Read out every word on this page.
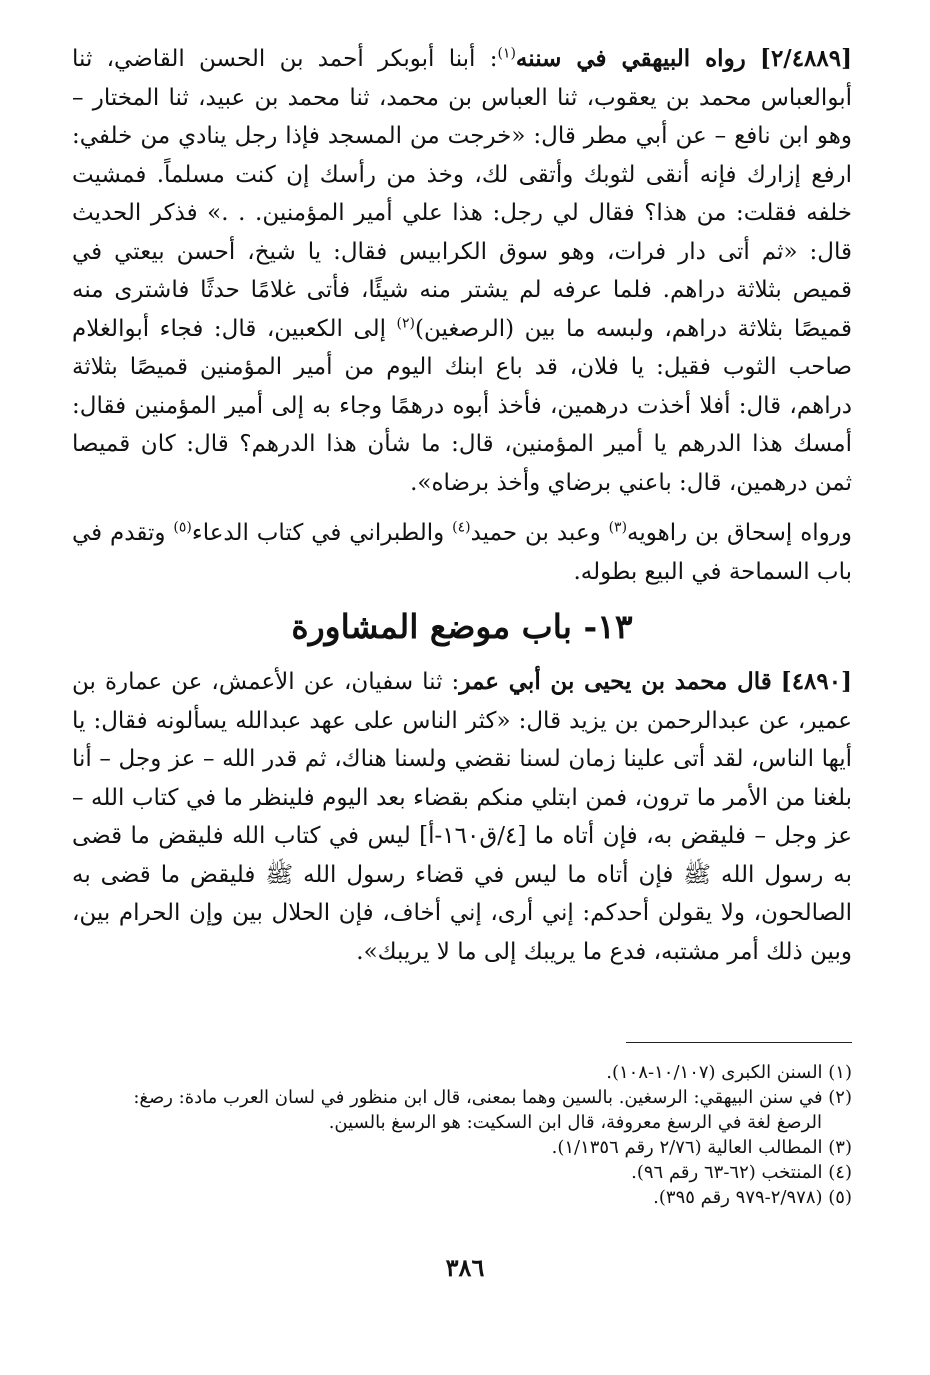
[٢/٤٨٨٩] رواه البيهقي في سننه$^{(١)}$: أبنا أبوبكر أحمد بن الحسن القاضي، ثنا أبوالعباس محمد بن يعقوب، ثنا العباس بن محمد، ثنا محمد بن عبيد، ثنا المختار – وهو ابن نافع – عن أبي مطر قال: «خرجت من المسجد فإذا رجل ينادي من خلفي: ارفع إزارك فإنه أنقى لثوبك وأتقى لك، وخذ من رأسك إن كنت مسلماً. فمشيت خلفه فقلت: من هذا؟ فقال لي رجل: هذا علي أمير المؤمنين. . .» فذكر الحديث قال: «ثم أتى دار فرات، وهو سوق الكرابيس فقال: يا شيخ، أحسن بيعتي في قميص بثلاثة دراهم. فلما عرفه لم يشتر منه شيئًا، فأتى غلامًا حدثًا فاشترى منه قميصًا بثلاثة دراهم، ولبسه ما بين (الرصغين)$^{(٢)}$ إلى الكعبين، قال: فجاء أبوالغلام صاحب الثوب فقيل: يا فلان، قد باع ابنك اليوم من أمير المؤمنين قميصًا بثلاثة دراهم، قال: أفلا أخذت درهمين، فأخذ أبوه درهمًا وجاء به إلى أمير المؤمنين فقال: أمسك هذا الدرهم يا أمير المؤمنين، قال: ما شأن هذا الدرهم؟ قال: كان قميصا ثمن درهمين، قال: باعني برضاي وأخذ برضاه».

ورواه إسحاق بن راهويه$^{(٣)}$ وعبد بن حميد$^{(٤)}$ والطبراني في كتاب الدعاء$^{(٥)}$ وتقدم في باب السماحة في البيع بطوله.

١٣- باب موضع المشاورة

[٤٨٩٠] قال محمد بن يحيى بن أبي عمر: ثنا سفيان، عن الأعمش، عن عمارة بن عمير، عن عبدالرحمن بن يزيد قال: «كثر الناس على عهد عبدالله يسألونه فقال: يا أيها الناس، لقد أتى علينا زمان لسنا نقضي ولسنا هناك، ثم قدر الله – عز وجل – أنا بلغنا من الأمر ما ترون، فمن ابتلي منكم بقضاء بعد اليوم فلينظر ما في كتاب الله – عز وجل – فليقض به، فإن أتاه ما [٤/ق١٦٠-أ] ليس في كتاب الله فليقض ما قضى به رسول الله ﷺ فإن أتاه ما ليس في قضاء رسول الله ﷺ فليقض ما قضى به الصالحون، ولا يقولن أحدكم: إني أرى، إني أخاف، فإن الحلال بين وإن الحرام بين، وبين ذلك أمر مشتبه، فدع ما يريبك إلى ما لا يريبك».

(١) السنن الكبرى (١٠/١٠٧-١٠٨).

(٢) في سنن البيهقي: الرسغين. بالسين وهما بمعنى، قال ابن منظور في لسان العرب مادة: رصغ:

الرصغ لغة في الرسغ معروفة، قال ابن السكيت: هو الرسغ بالسين.

(٣) المطالب العالية (٢/٧٦ رقم ١/١٣٥٦).

(٤) المنتخب (٦٢-٦٣ رقم ٩٦).

(٥) (٢/٩٧٨-٩٧٩ رقم ٣٩٥).

٣٨٦
